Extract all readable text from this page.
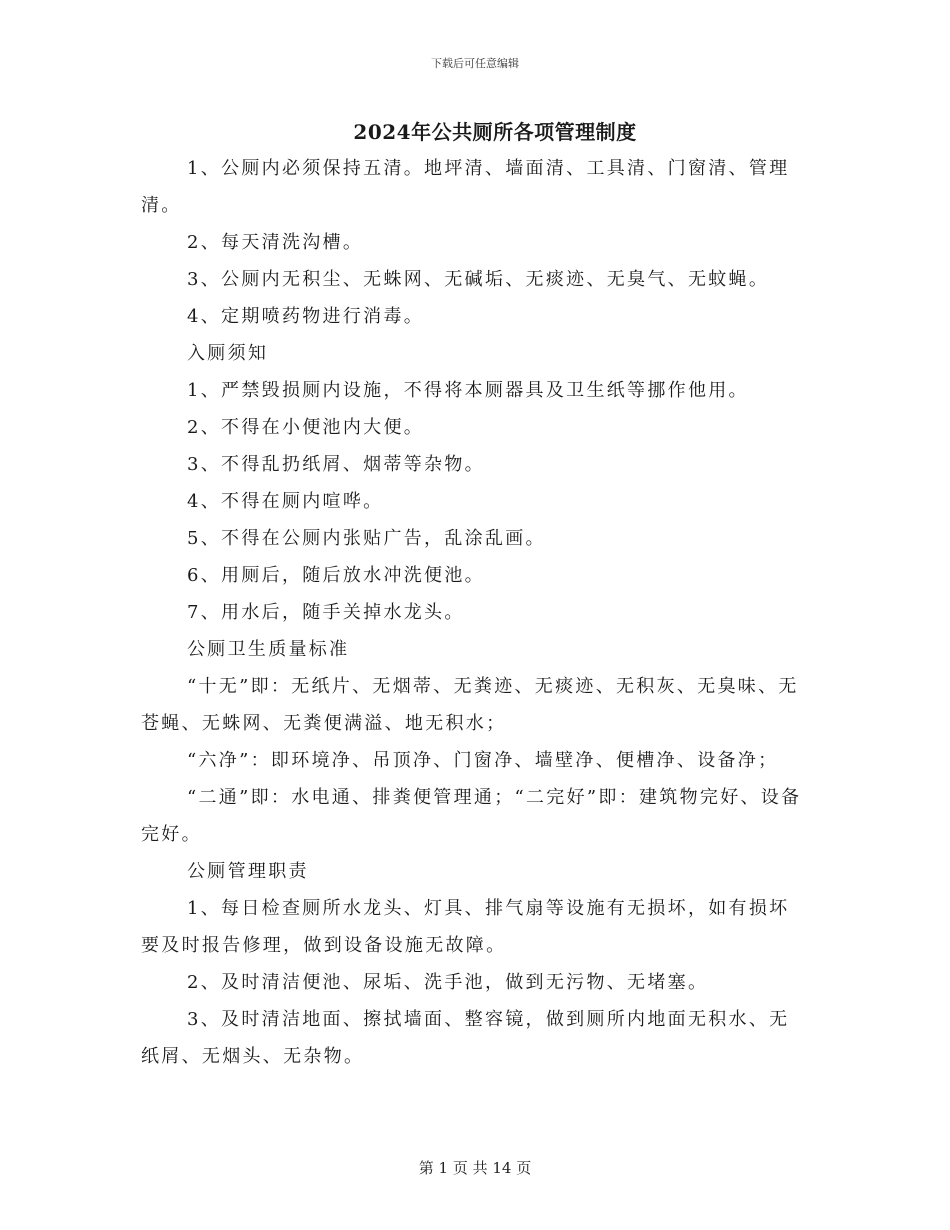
下载后可任意编辑
2024年公共厕所各项管理制度

1、公厕内必须保持五清。地坪清、墙面清、工具清、门窗清、管理清。

2、每天清洗沟槽。

3、公厕内无积尘、无蛛网、无碱垢、无痰迹、无臭气、无蚊蝇。

4、定期喷药物进行消毒。

入厕须知

1、严禁毁损厕内设施，不得将本厕器具及卫生纸等挪作他用。

2、不得在小便池内大便。

3、不得乱扔纸屑、烟蒂等杂物。

4、不得在厕内喧哗。

5、不得在公厕内张贴广告，乱涂乱画。

6、用厕后，随后放水冲洗便池。

7、用水后，随手关掉水龙头。

公厕卫生质量标准

“十无”即：无纸片、无烟蒂、无粪迹、无痰迹、无积灰、无臭味、无苍蝇、无蛛网、无粪便满溢、地无积水；

“六净”：即环境净、吊顶净、门窗净、墙壁净、便槽净、设备净；

“二通”即：水电通、排粪便管理通；“二完好”即：建筑物完好、设备完好。

公厕管理职责

1、每日检查厕所水龙头、灯具、排气扇等设施有无损坏，如有损坏要及时报告修理，做到设备设施无故障。

2、及时清洁便池、尿垢、洗手池，做到无污物、无堵塞。

3、及时清洁地面、擦拭墙面、整容镜，做到厕所内地面无积水、无纸屑、无烟头、无杂物。

第 1 页 共 14 页
